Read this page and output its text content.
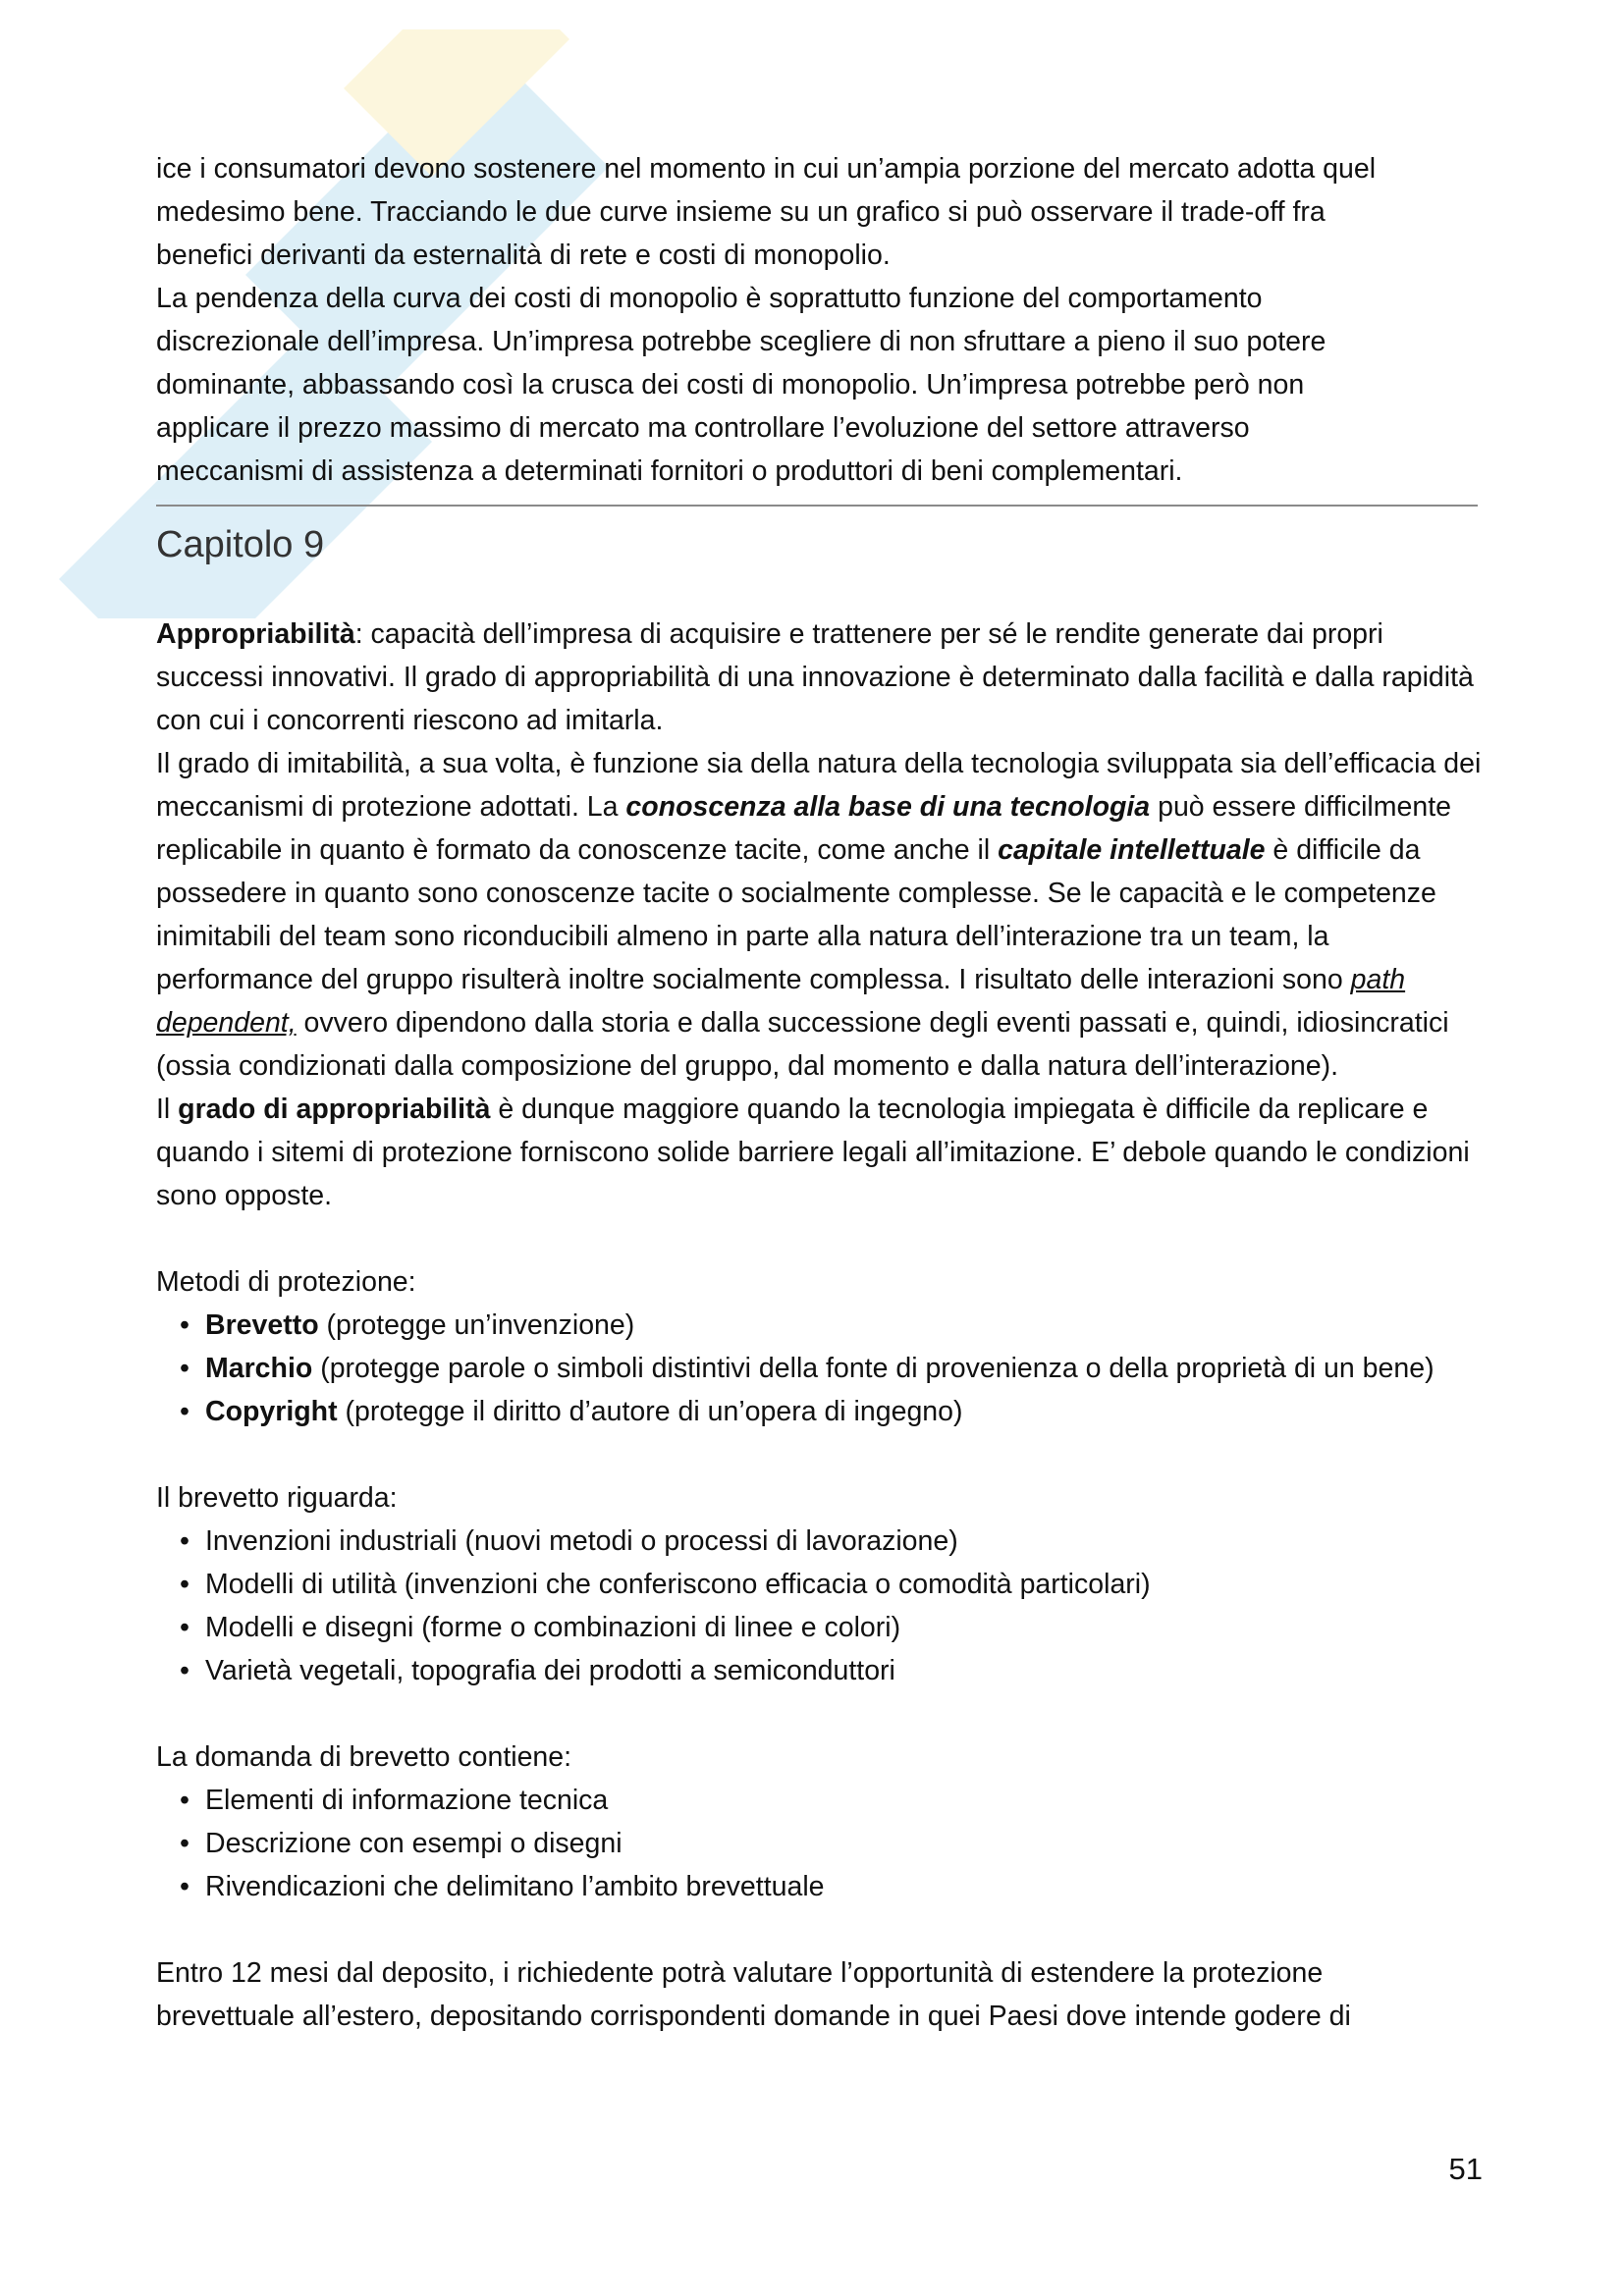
ice i consumatori devono sostenere nel momento in cui un’ampia porzione del mercato adotta quel

medesimo bene. Tracciando le due curve insieme su un grafico si può osservare il trade-off fra

benefici derivanti da esternalità di rete e costi di monopolio.

La pendenza della curva dei costi di monopolio è soprattutto funzione del comportamento

discrezionale dell’impresa. Un’impresa potrebbe scegliere di non sfruttare a pieno il suo potere

dominante, abbassando così la crusca dei costi di monopolio. Un’impresa potrebbe però non

applicare il prezzo massimo di mercato ma controllare l’evoluzione del settore attraverso

meccanismi di assistenza a determinati fornitori o produttori di beni complementari.

Capitolo 9

Appropriabilità: capacità dell’impresa di acquisire e trattenere per sé le rendite generate dai propri successi innovativi. Il grado di appropriabilità di una innovazione è determinato dalla facilità e dalla rapidità con cui i concorrenti riescono ad imitarla.

Il grado di imitabilità, a sua volta, è funzione sia della natura della tecnologia sviluppata sia dell’efficacia dei meccanismi di protezione adottati. La conoscenza alla base di una tecnologia può essere difficilmente replicabile in quanto è formato da conoscenze tacite, come anche il capitale intellettuale è difficile da possedere in quanto sono conoscenze tacite o socialmente complesse. Se le capacità e le competenze inimitabili del team sono riconducibili almeno in parte alla natura dell’interazione tra un team, la performance del gruppo risulterà inoltre socialmente complessa. I risultato delle interazioni sono path dependent, ovvero dipendono dalla storia e dalla successione degli eventi passati e, quindi, idiosincratici (ossia condizionati dalla composizione del gruppo, dal momento e dalla natura dell’interazione).

Il grado di appropriabilità è dunque maggiore quando la tecnologia impiegata è difficile da replicare e quando i sitemi di protezione forniscono solide barriere legali all’imitazione. E’ debole quando le condizioni sono opposte.

Metodi di protezione:

• Brevetto (protegge un’invenzione)
• Marchio (protegge parole o simboli distintivi della fonte di provenienza o della proprietà di un bene)
• Copyright (protegge il diritto d’autore di un’opera di ingegno)

Il brevetto riguarda:

• Invenzioni industriali (nuovi metodi o processi di lavorazione)
• Modelli di utilità (invenzioni che conferiscono efficacia o comodità particolari)
• Modelli e disegni (forme o combinazioni di linee e colori)
• Varietà vegetali, topografia dei prodotti a semiconduttori

La domanda di brevetto contiene:

• Elementi di informazione tecnica
• Descrizione con esempi o disegni
• Rivendicazioni che delimitano l’ambito brevettuale

Entro 12 mesi dal deposito, i richiedente potrà valutare l’opportunità di estendere la protezione

brevettuale all’estero, depositando corrispondenti domande in quei Paesi dove intende godere di

51
